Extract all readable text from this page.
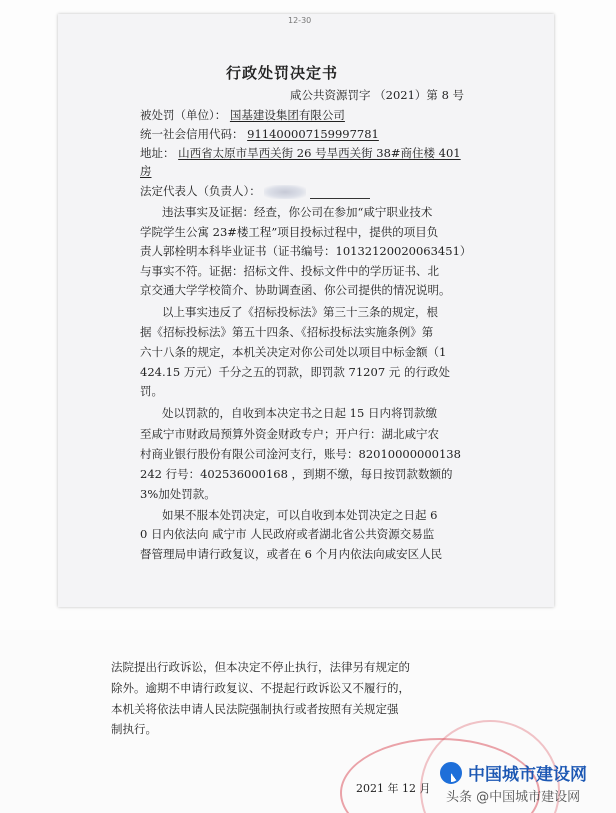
12-30
行政处罚决定书
咸公共资源罚字 （2021）第 8 号
被处罚（单位）： 国基建设集团有限公司
统一社会信用代码： 911400007159997781
地址： 山西省太原市旱西关街 26 号旱西关街 38#商住楼 401
房
法定代表人（负责人）：
违法事实及证据：经查，你公司在参加“咸宁职业技术
学院学生公寓 23#楼工程”项目投标过程中，提供的项目负
责人郭栓明本科毕业证书（证书编号：10132120020063451）
与事实不符。证据：招标文件、投标文件中的学历证书、北
京交通大学学校简介、协助调查函、你公司提供的情况说明。
以上事实违反了《招标投标法》第三十三条的规定，根
据《招标投标法》第五十四条、《招标投标法实施条例》第
六十八条的规定，本机关决定对你公司处以项目中标金额（1
424.15 万元）千分之五的罚款，即罚款 71207 元 的行政处
罚。
处以罚款的，自收到本决定书之日起 15 日内将罚款缴
至咸宁市财政局预算外资金财政专户；开户行：湖北咸宁农
村商业银行股份有限公司淦河支行，账号：82010000000138
242 行号：402536000168 ，到期不缴，每日按罚款数额的
3%加处罚款。
如果不服本处罚决定，可以自收到本处罚决定之日起 6
0 日内依法向 咸宁市 人民政府或者湖北省公共资源交易监
督管理局申请行政复议，或者在 6 个月内依法向咸安区人民
法院提出行政诉讼，但本决定不停止执行，法律另有规定的
除外。逾期不申请行政复议、不提起行政诉讼又不履行的，
本机关将依法申请人民法院强制执行或者按照有关规定强
制执行。
2021 年 12 月
中国城市建设网
头条 @中国城市建设网
